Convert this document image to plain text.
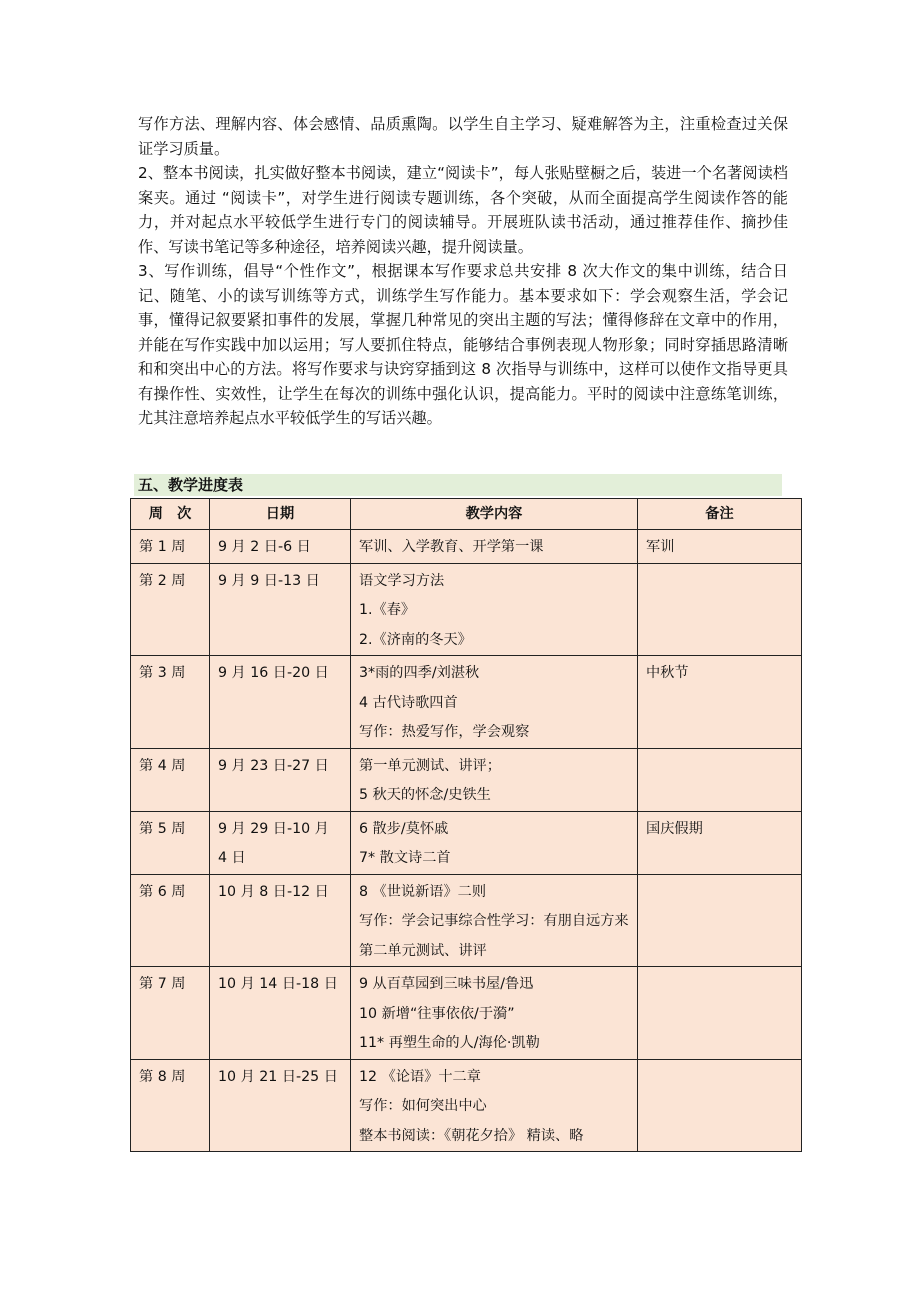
写作方法、理解内容、体会感情、品质熏陶。以学生自主学习、疑难解答为主，注重检查过关保证学习质量。

2、整本书阅读，扎实做好整本书阅读，建立“阅读卡”，每人张贴壁橱之后，装进一个名著阅读档案夹。通过 “阅读卡”，对学生进行阅读专题训练，各个突破，从而全面提高学生阅读作答的能力，并对起点水平较低学生进行专门的阅读辅导。开展班队读书活动，通过推荐佳作、摘抄佳作、写读书笔记等多种途径，培养阅读兴趣，提升阅读量。

3、写作训练，倡导“个性作文”，根据课本写作要求总共安排 8 次大作文的集中训练，结合日记、随笔、小的读写训练等方式，训练学生写作能力。基本要求如下：学会观察生活，学会记事，懂得记叙要紧扣事件的发展，掌握几种常见的突出主题的写法；懂得修辞在文章中的作用，并能在写作实践中加以运用；写人要抓住特点，能够结合事例表现人物形象；同时穿插思路清晰和和突出中心的方法。将写作要求与诀窍穿插到这 8 次指导与训练中，这样可以使作文指导更具有操作性、实效性，让学生在每次的训练中强化认识，提高能力。平时的阅读中注意练笔训练，尤其注意培养起点水平较低学生的写话兴趣。

五、教学进度表
周　次	日期	教学内容	备注
第 1 周	9 月 2 日-6 日	军训、入学教育、开学第一课	军训
第 2 周	9 月 9 日-13 日	语文学习方法
1.《春》
2.《济南的冬天》	

第 3 周	9 月 16 日-20 日	3*雨的四季/刘湛秋
4 古代诗歌四首
写作：热爱写作，学会观察	中秋节
第 4 周	9 月 23 日-27 日	第一单元测试、讲评；
5 秋天的怀念/史铁生	

第 5 周	9 月 29 日-10 月 4 日	6 散步/莫怀戚
7* 散文诗二首	国庆假期
第 6 周	10 月 8 日-12 日	8 《世说新语》二则
写作：学会记事综合性学习：有朋自远方来
第二单元测试、讲评	

第 7 周	10 月 14 日-18 日	9 从百草园到三味书屋/鲁迅
10 新增“往事依依/于漪”
11* 再塑生命的人/海伦·凯勒	

第 8 周	10 月 21 日-25 日	12 《论语》十二章
写作：如何突出中心
整本书阅读：《朝花夕拾》 精读、略	
